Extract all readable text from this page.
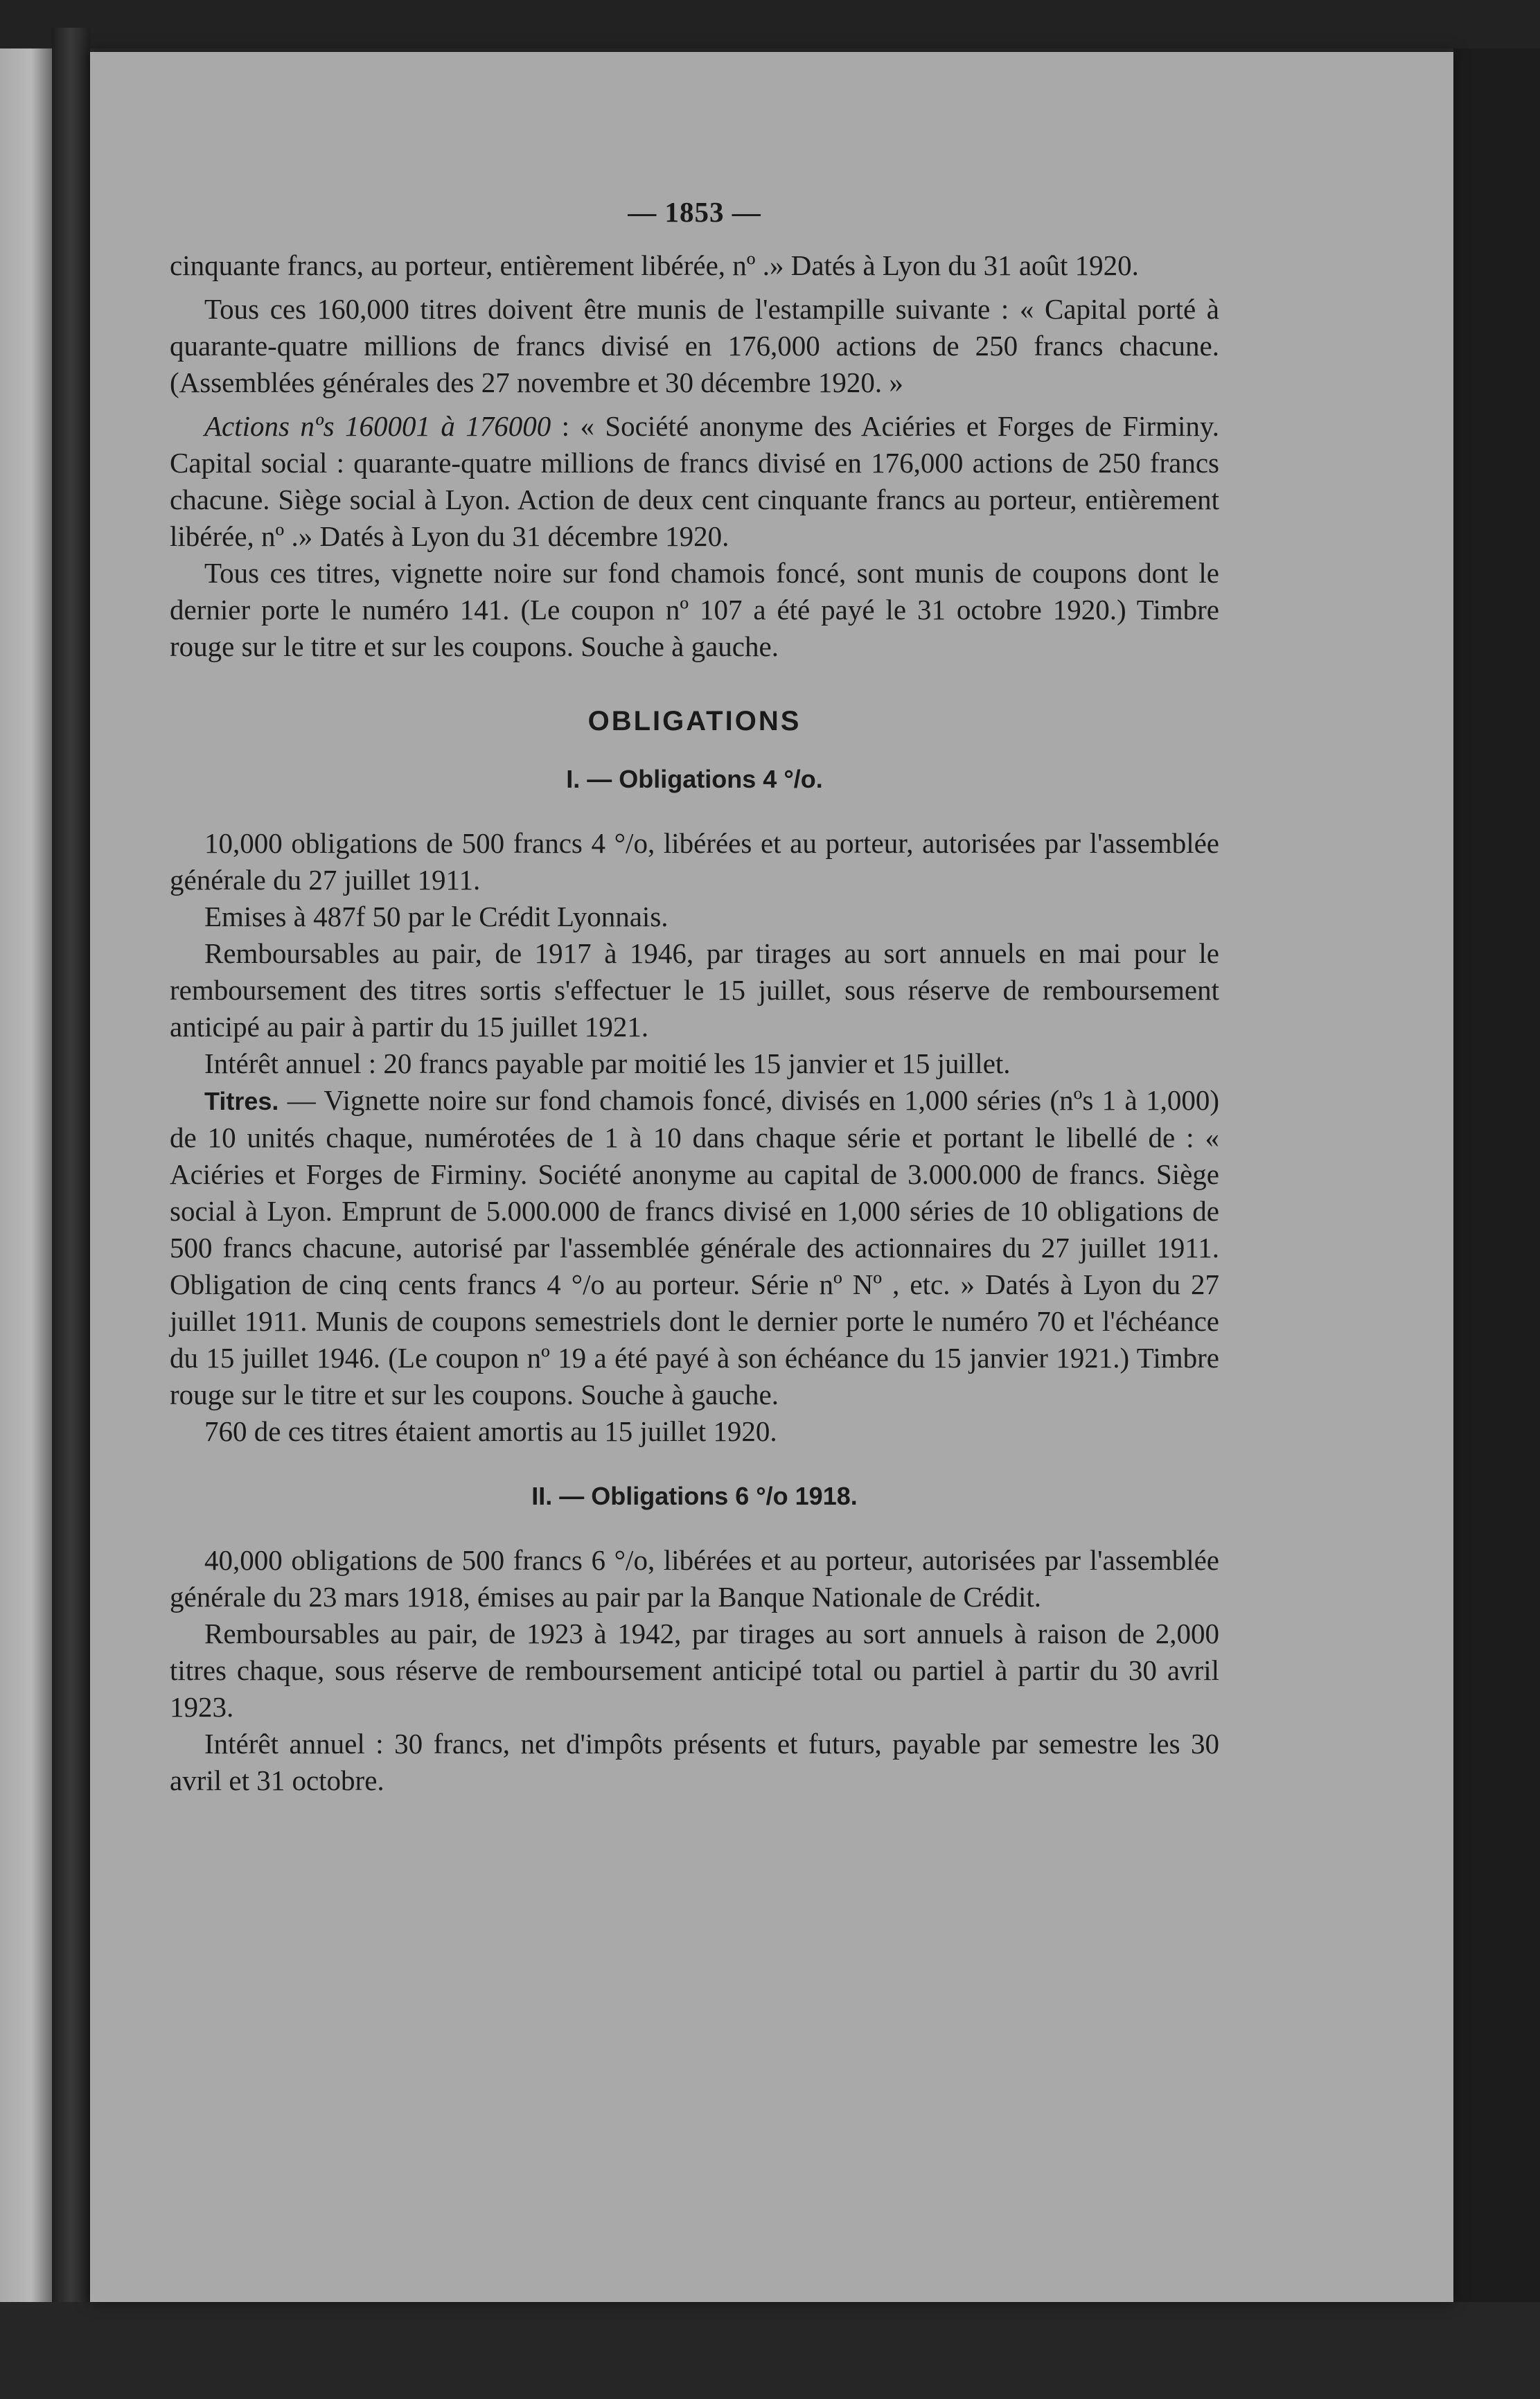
— 1853 —

cinquante francs, au porteur, entièrement libérée, nº .» Datés à Lyon du 31 août 1920.

Tous ces 160,000 titres doivent être munis de l'estampille suivante : « Capital porté à quarante-quatre millions de francs divisé en 176,000 actions de 250 francs chacune. (Assemblées générales des 27 novembre et 30 décembre 1920. »

Actions nºs 160001 à 176000 : « Société anonyme des Aciéries et Forges de Firminy. Capital social : quarante-quatre millions de francs divisé en 176,000 actions de 250 francs chacune. Siège social à Lyon. Action de deux cent cinquante francs au porteur, entièrement libérée, nº .» Datés à Lyon du 31 décembre 1920.

Tous ces titres, vignette noire sur fond chamois foncé, sont munis de coupons dont le dernier porte le numéro 141. (Le coupon nº 107 a été payé le 31 octobre 1920.) Timbre rouge sur le titre et sur les coupons. Souche à gauche.

OBLIGATIONS
I. — Obligations 4 °/o.

10,000 obligations de 500 francs 4 °/o, libérées et au porteur, autorisées par l'assemblée générale du 27 juillet 1911.

Emises à 487f 50 par le Crédit Lyonnais.

Remboursables au pair, de 1917 à 1946, par tirages au sort annuels en mai pour le remboursement des titres sortis s'effectuer le 15 juillet, sous réserve de remboursement anticipé au pair à partir du 15 juillet 1921.

Intérêt annuel : 20 francs payable par moitié les 15 janvier et 15 juillet.

Titres. — Vignette noire sur fond chamois foncé, divisés en 1,000 séries (nºs 1 à 1,000) de 10 unités chaque, numérotées de 1 à 10 dans chaque série et portant le libellé de : « Aciéries et Forges de Firminy. Société anonyme au capital de 3.000.000 de francs. Siège social à Lyon. Emprunt de 5.000.000 de francs divisé en 1,000 séries de 10 obligations de 500 francs chacune, autorisé par l'assemblée générale des actionnaires du 27 juillet 1911. Obligation de cinq cents francs 4 °/o au porteur. Série nº Nº , etc. » Datés à Lyon du 27 juillet 1911. Munis de coupons semestriels dont le dernier porte le numéro 70 et l'échéance du 15 juillet 1946. (Le coupon nº 19 a été payé à son échéance du 15 janvier 1921.) Timbre rouge sur le titre et sur les coupons. Souche à gauche.

760 de ces titres étaient amortis au 15 juillet 1920.

II. — Obligations 6 °/o 1918.

40,000 obligations de 500 francs 6 °/o, libérées et au porteur, autorisées par l'assemblée générale du 23 mars 1918, émises au pair par la Banque Nationale de Crédit.

Remboursables au pair, de 1923 à 1942, par tirages au sort annuels à raison de 2,000 titres chaque, sous réserve de remboursement anticipé total ou partiel à partir du 30 avril 1923.

Intérêt annuel : 30 francs, net d'impôts présents et futurs, payable par semestre les 30 avril et 31 octobre.
